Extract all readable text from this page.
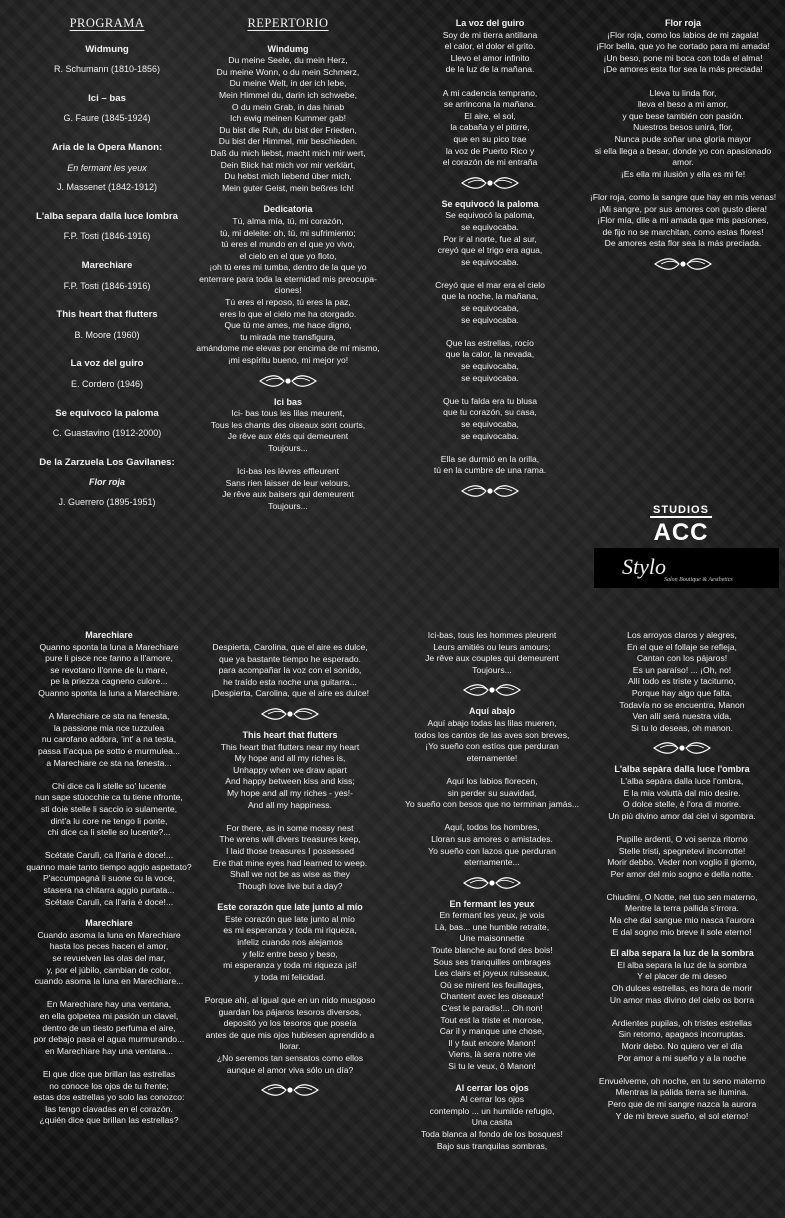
PROGRAMA
Widmung
R. Schumann (1810-1856)
Ici – bas
G. Faure (1845-1924)
Aria de la Opera Manon:
En fermant les yeux
J. Massenet (1842-1912)
L'alba separa dalla luce lombra
F.P. Tosti (1846-1916)
Marechiare
F.P. Tosti (1846-1916)
This heart that flutters
B. Moore (1960)
La voz del guiro
E. Cordero (1946)
Se equivoco la paloma
C. Guastavino (1912-2000)
De la Zarzuela Los Gavilanes:
Flor roja
J. Guerrero (1895-1951)
REPERTORIO
Windumg
Du meine Seele, du mein Herz,
Du meine Wonn, o du mein Schmerz,
Du meine Welt, in der ich lebe,
Mein Himmel du, darin ich schwebe,
O du mein Grab, in das hinab
Ich ewig meinen Kummer gab!
Du bist die Ruh, du bist der Frieden,
Du bist der Himmel, mir beschieden.
Daß du mich liebst, macht mich mir wert,
Dein Blick hat mich vor mir verklärt,
Du hebst mich liebend über mich,
Mein guter Geist, mein beßres Ich!
Dedicatoria
Tú, alma mía, tú, mi corazón,
tú, mi deleite: oh, tú, mi sufrimiento;
tú eres el mundo en el que yo vivo,
el cielo en el que yo floto,
¡oh tú eres mi tumba, dentro de la que yo
enterrare para toda la eternidad mis preocupa-
ciones!
Tú eres el reposo, tú eres la paz,
eres lo que el cielo me ha otorgado.
Que tú me ames, me hace digno,
tu mirada me transfigura,
amándome me elevas por encima de mí mismo,
¡mi espíritu bueno, mi mejor yo!
Ici bas
Ici- bas tous les lilas meurent,
Tous les chants des oiseaux sont courts,
Je rêve aux étés qui demeurent
Toujours...

Ici-bas les lèvres effleurent
Sans rien laisser de leur velours,
Je rêve aux baisers qui demeurent
Toujours...
La voz del guiro
Soy de mi tierra antillana
el calor, el dolor el grito.
Llevo el amor infinito
de la luz de la mañana.

A mi cadencia temprano,
se arrincona la mañana.
El aire, el sol,
la cabaña y el pitirre,
que en su pico trae
la voz de Puerto Rico y
el corazón de mi entraña
Se equivocó la paloma
Se equivocó la paloma,
se equivocaba.
Por ir al norte, fue al sur,
creyó que el trigo era agua,
se equivocaba.

Creyó que el mar era el cielo
que la noche, la mañana,
se equivocaba,
se equivocaba.

Que las estrellas, rocío
que la calor, la nevada,
se equivocaba,
se equivocaba.

Que tu falda era tu blusa
que tu corazón, su casa,
se equivocaba,
se equivocaba.

Ella se durmió en la orilla,
tú en la cumbre de una rama.
Flor roja
¡Flor roja, como los labios de mi zagala!
¡Flor bella, que yo he cortado para mi amada!
¡Un beso, pone mi boca con toda el alma!
¡De amores esta flor sea la más preciada!

Lleva tu linda flor,
lleva el beso a mi amor,
y que bese también con pasión.
Nuestros besos unirá, flor,
Nunca pude soñar una gloria mayor
si ella llega a besar, donde yo con apasionado
amor.
¡Es ella mi ilusión y ella es mi fe!

¡Flor roja, como la sangre que hay en mis venas!
¡Mi sangre, por sus amores con gusto diera!
¡Flor mía, dile a mi amada que mis pasiones,
de fijo no se marchitan, como estas flores!
De amores esta flor sea la más preciada.
STUDIOS
ACC
Stylo
Salon Boutique & Aesthetics
Marechiare
Quanno sponta la luna a Marechiare
pure li pisce nce fanno a ll'amore,
se revotano ll'onne de lu mare,
pe la priezza cagneno culore...
Quanno sponta la luna a Marechiare.

A Marechiare ce sta na fenesta,
la passione mia nce tuzzulea
nu carofano addora, 'int' a na testa,
passa ll'acqua pe sotto e murmulea...
a Marechiare ce sta na fenesta...

Chi dice ca li stelle so' lucente
nun sape stùocchie ca tu tiene nfronte,
sti doie stelle li saccio io sulamente,
dint'a lu core ne tengo li ponte,
chi dice ca li stelle so lucente?...

Scétate Carulì, ca ll'aria è doce!...
quanno maie tanto tiempo aggio aspettato?
P'accumpagnà li suone cu la voce,
stasera na chitarra aggio purtata...
Scétate Carulì, ca ll'aria è doce!...
Marechiare
Cuando asoma la luna en Marechiare
hasta los peces hacen el amor,
se revuelven las olas del mar,
y, por el júbilo, cambian de color,
cuando asoma la luna en Marechiare...

En Marechiare hay una ventana,
en ella golpetea mi pasión un clavel,
dentro de un tiesto perfuma el aire,
por debajo pasa el agua murmurando...
en Marechiare hay una ventana...

El que dice que brillan las estrellas
no conoce los ojos de tu frente;
estas dos estrellas yo solo las conozco:
las tengo clavadas en el corazón.
¿quién dice que brillan las estrellas?
Despierta, Carolina, que el aire es dulce,
que ya bastante tiempo he esperado.
para acompañar la voz con el sonido,
he traído esta noche una guitarra...
¡Despierta, Carolina, que el aire es dulce!
This heart that flutters
This heart that flutters near my heart
My hope and all my riches is,
Unhappy when we draw apart
And happy between kiss and kiss;
My hope and all my riches - yes!-
And all my happiness.

For there, as in some mossy nest
The wrens will divers treasures keep,
I laid those treasures I possessed
Ere that mine eyes had learned to weep.
Shall we not be as wise as they
Though love live but a day?
Este corazón que late junto al mío
Este corazón que late junto al mío
es mi esperanza y toda mi riqueza,
infeliz cuando nos alejamos
y feliz entre beso y beso,
mi esperanza y toda mi riqueza ¡sí!
y toda mi felicidad.

Porque ahí, al igual que en un nido musgoso
guardan los pájaros tesoros diversos,
depositó yo los tesoros que poseía
antes de que mis ojos hubiesen aprendido a
llorar.
¿No seremos tan sensatos como ellos
aunque el amor viva sólo un día?
Ici-bas, tous les hommes pleurent
Leurs amitiés ou leurs amours;
Je rêve aux couples qui demeurent
Toujours...
Aquí abajo
Aquí abajo todas las lilas mueren,
todos los cantos de las aves son breves,
¡Yo sueño con estíos que perduran
eternamente!

Aquí los labios florecen,
sin perder su suavidad,
Yo sueño con besos que no terminan jamás...

Aquí, todos los hombres,
Lloran sus amores o amistades.
Yo sueño con lazos que perduran
eternamente...
En fermant les yeux
En fermant les yeux, je vois
Là, bas... une humble retraite,
Une maisonnette
Toute blanche au fond des bois!
Sous ses tranquilles ombrages
Les clairs et joyeux ruisseaux,
Où se mirent les feuillages,
Chantent avec les oiseaux!
C'est le paradis!... Oh non!
Tout est la triste et morose,
Car il y manque une chose,
Il y faut encore Manon!
Viens, là sera notre vie
Si tu le veux, ô Manon!
Al cerrar los ojos
Al cerrar los ojos
contemplo ... un humilde refugio,
Una casita
Toda blanca al fondo de los bosques!
Bajo sus tranquilas sombras,
Los arroyos claros y alegres,
En el que el follaje se refleja,
Cantan con los pájaros!
Es un paraíso! ... ¡Oh, no!
Allí todo es triste y taciturno,
Porque hay algo que falta,
Todavía no se encuentra, Manon
Ven allí será nuestra vida,
Si tu lo deseas, oh manon.
L'alba sepàra dalla luce l'ombra
L'alba sepàra dalla luce l'ombra,
E la mia voluttà dal mio desire.
O dolce stelle, è l'ora di morire.
Un più divino amor dal ciel vi sgombra.

Pupille ardenti, O voi senza ritorno
Stelle tristi, spegnetevi incorrotte!
Morir debbo. Veder non voglio il giorno,
Per amor del mio sogno e della notte.

Chiudimi, O Notte, nel tuo sen materno,
Mentre la terra pallida s'irrora.
Ma che dal sangue mio nasca l'aurora
E dal sogno mio breve il sole eterno!
El alba separa la luz de la sombra
El alba separa la luz de la sombra
Y el placer de mi deseo
Oh dulces estrellas, es hora de morir
Un amor mas divino del cielo os borra

Ardientes pupilas, oh tristes estrellas
Sin retorno, apagaos incorruptas.
Morir debo. No quiero ver el día
Por amor a mi sueño y a la noche

Envuélveme, oh noche, en tu seno materno
Mientras la pálida tierra se ilumina.
Pero que de mi sangre nazca la aurora
Y de mi breve sueño, el sol eterno!
